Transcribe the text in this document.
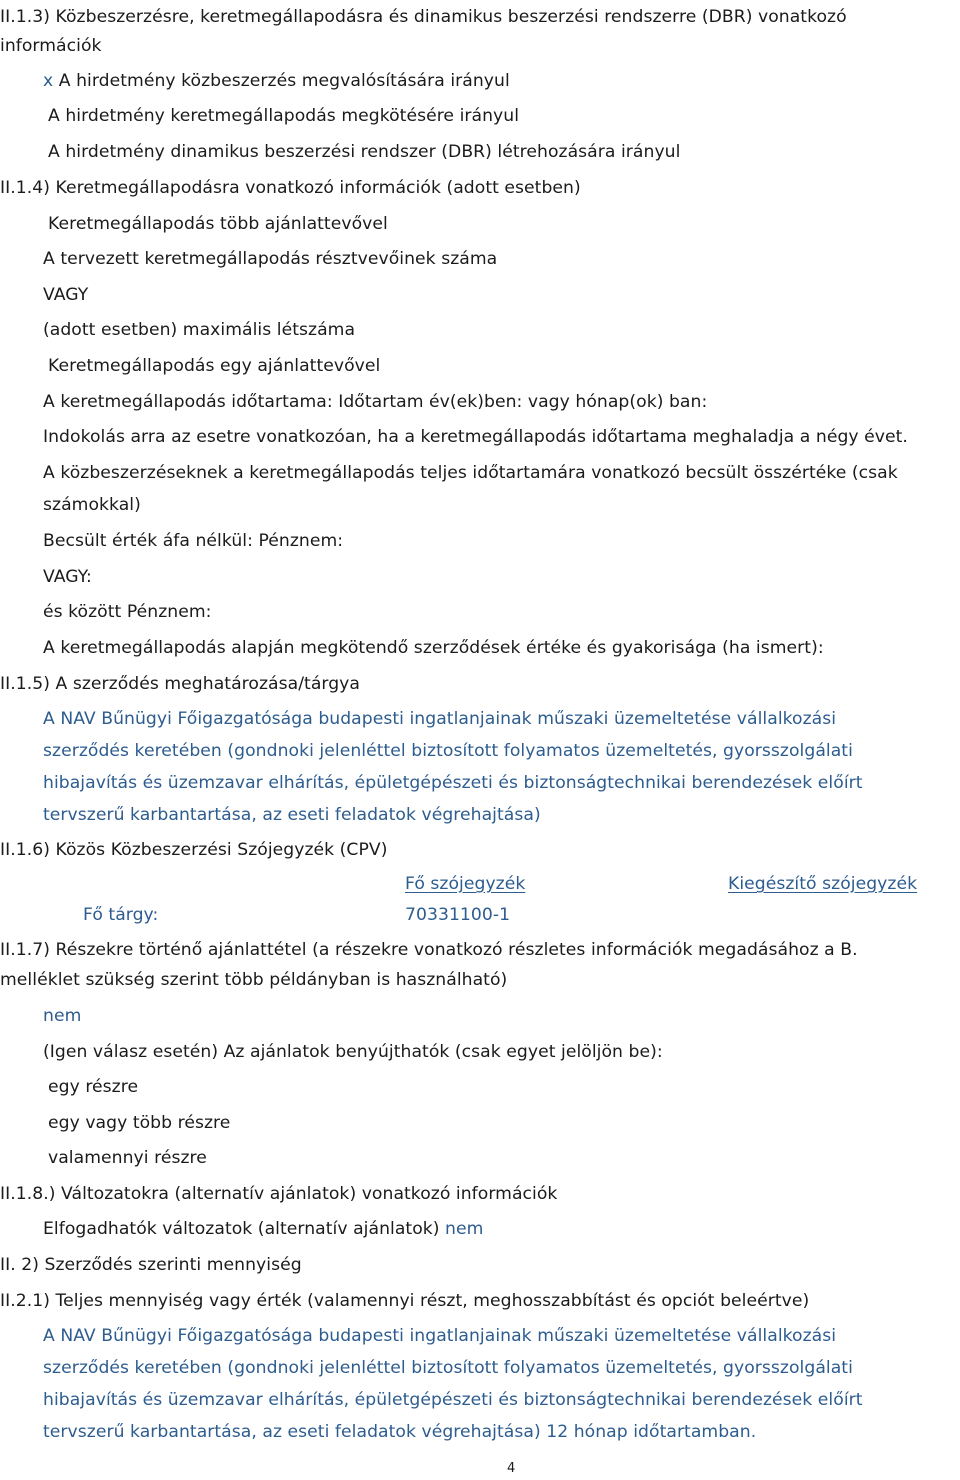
II.1.3) Közbeszerzésre, keretmegállapodásra és dinamikus beszerzési rendszerre (DBR) vonatkozó
információk
x A hirdetmény közbeszerzés megvalósítására irányul
A hirdetmény keretmegállapodás megkötésére irányul
A hirdetmény dinamikus beszerzési rendszer (DBR) létrehozására irányul
II.1.4) Keretmegállapodásra vonatkozó információk (adott esetben)
Keretmegállapodás több ajánlattevővel
A tervezett keretmegállapodás résztvevőinek száma
VAGY
(adott esetben) maximális létszáma
Keretmegállapodás egy ajánlattevővel
A keretmegállapodás időtartama: Időtartam év(ek)ben: vagy hónap(ok) ban:
Indokolás arra az esetre vonatkozóan, ha a keretmegállapodás időtartama meghaladja a négy évet.
A közbeszerzéseknek a keretmegállapodás teljes időtartamára vonatkozó becsült összértéke (csak
számokkal)
Becsült érték áfa nélkül: Pénznem:
VAGY:
és között Pénznem:
A keretmegállapodás alapján megkötendő szerződések értéke és gyakorisága (ha ismert):
II.1.5) A szerződés meghatározása/tárgya
A NAV Bűnügyi Főigazgatósága budapesti ingatlanjainak műszaki üzemeltetése vállalkozási
szerződés keretében (gondnoki jelenléttel biztosított folyamatos üzemeltetés, gyorsszolgálati
hibajavítás és üzemzavar elhárítás, épületgépészeti és biztonságtechnikai berendezések előírt
tervszerű karbantartása, az eseti feladatok végrehajtása)
II.1.6) Közös Közbeszerzési Szójegyzék (CPV)
Fő szójegyzék	Kiegészítő szójegyzék
Fő tárgy:	70331100-1
II.1.7) Részekre történő ajánlattétel (a részekre vonatkozó részletes információk megadásához a B.
melléklet szükség szerint több példányban is használható)
nem
(Igen válasz esetén) Az ajánlatok benyújthatók (csak egyet jelöljön be):
egy részre
egy vagy több részre
valamennyi részre
II.1.8.) Változatokra (alternatív ajánlatok) vonatkozó információk
Elfogadhatók változatok (alternatív ajánlatok) nem
II. 2) Szerződés szerinti mennyiség
II.2.1) Teljes mennyiség vagy érték (valamennyi részt, meghosszabbítást és opciót beleértve)
A NAV Bűnügyi Főigazgatósága budapesti ingatlanjainak műszaki üzemeltetése vállalkozási
szerződés keretében (gondnoki jelenléttel biztosított folyamatos üzemeltetés, gyorsszolgálati
hibajavítás és üzemzavar elhárítás, épületgépészeti és biztonságtechnikai berendezések előírt
tervszerű karbantartása, az eseti feladatok végrehajtása) 12 hónap időtartamban.
4
